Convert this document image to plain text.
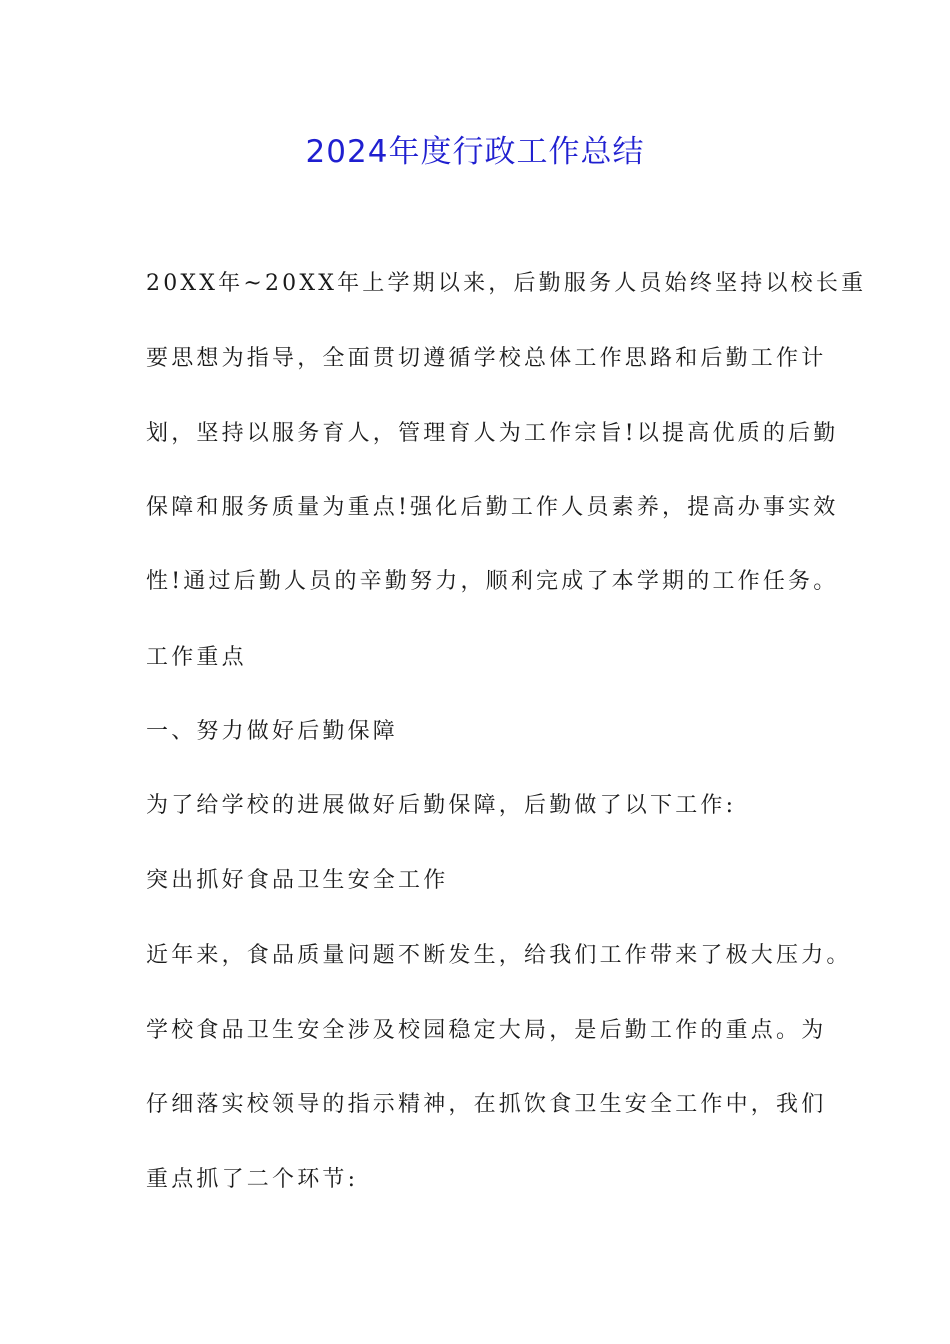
2024年度行政工作总结
20XX年~20XX年上学期以来，后勤服务人员始终坚持以校长重
要思想为指导，全面贯切遵循学校总体工作思路和后勤工作计
划，坚持以服务育人，管理育人为工作宗旨!以提高优质的后勤
保障和服务质量为重点!强化后勤工作人员素养，提高办事实效
性!通过后勤人员的辛勤努力，顺利完成了本学期的工作任务。
工作重点
一、努力做好后勤保障
为了给学校的进展做好后勤保障，后勤做了以下工作:
突出抓好食品卫生安全工作
近年来，食品质量问题不断发生，给我们工作带来了极大压力。
学校食品卫生安全涉及校园稳定大局，是后勤工作的重点。为
仔细落实校领导的指示精神，在抓饮食卫生安全工作中，我们
重点抓了二个环节:
